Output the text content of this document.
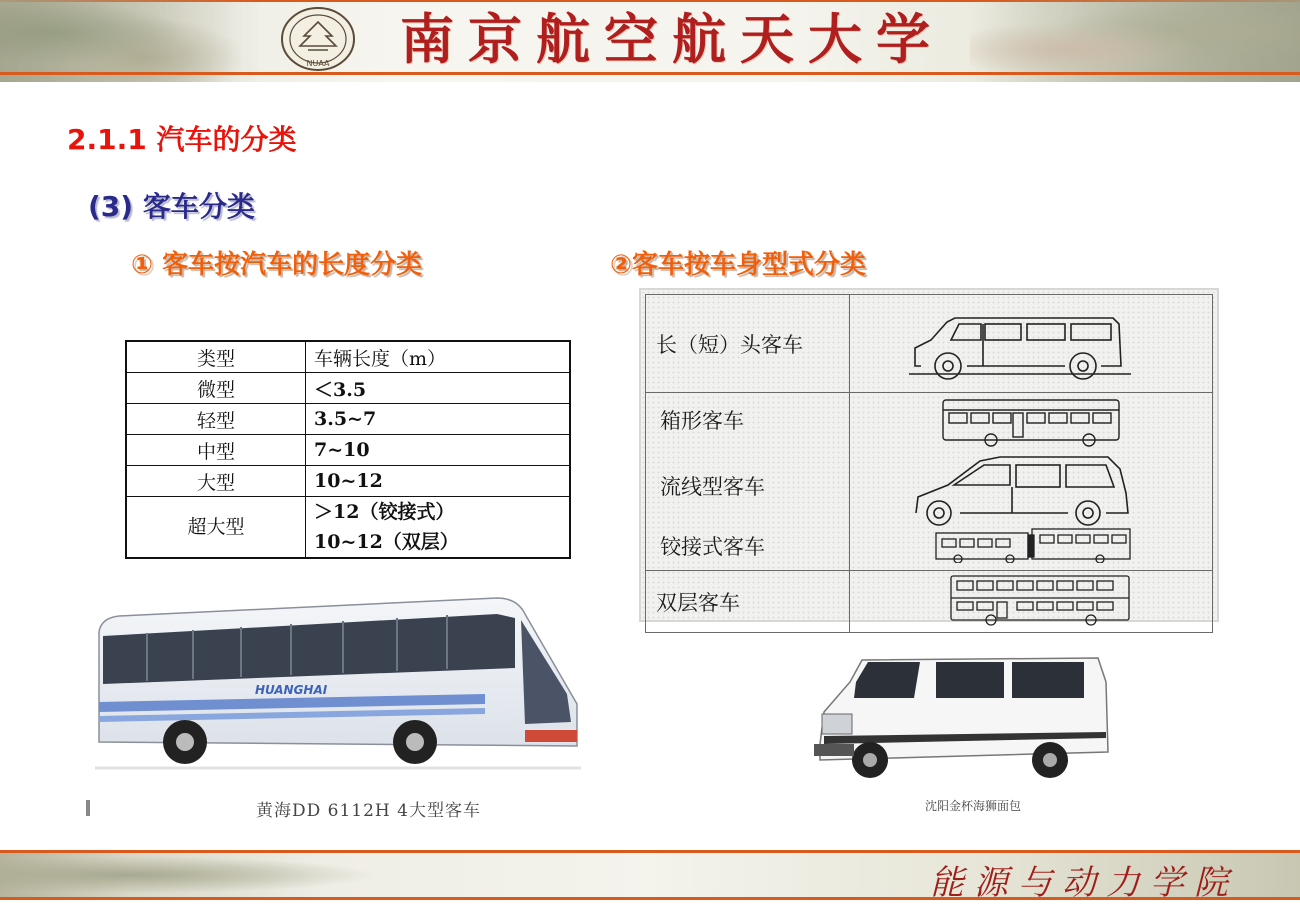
NUAA 南京航空航天大学
2.1.1 汽车的分类
(3) 客车分类
① 客车按汽车的长度分类	②客车按车身型式分类
类型	车辆长度（m）
微型	＜3.5
轻型	3.5~7
中型	7~10
大型	10~12
超大型	＞12（铰接式）
10~12（双层）
长（短）头客车	

箱形客车
流线型客车
铰接式客车

双层客车	
HUANGHAI
黄海DD 6112H 4大型客车	沈阳金杯海狮面包
能源与动力学院
